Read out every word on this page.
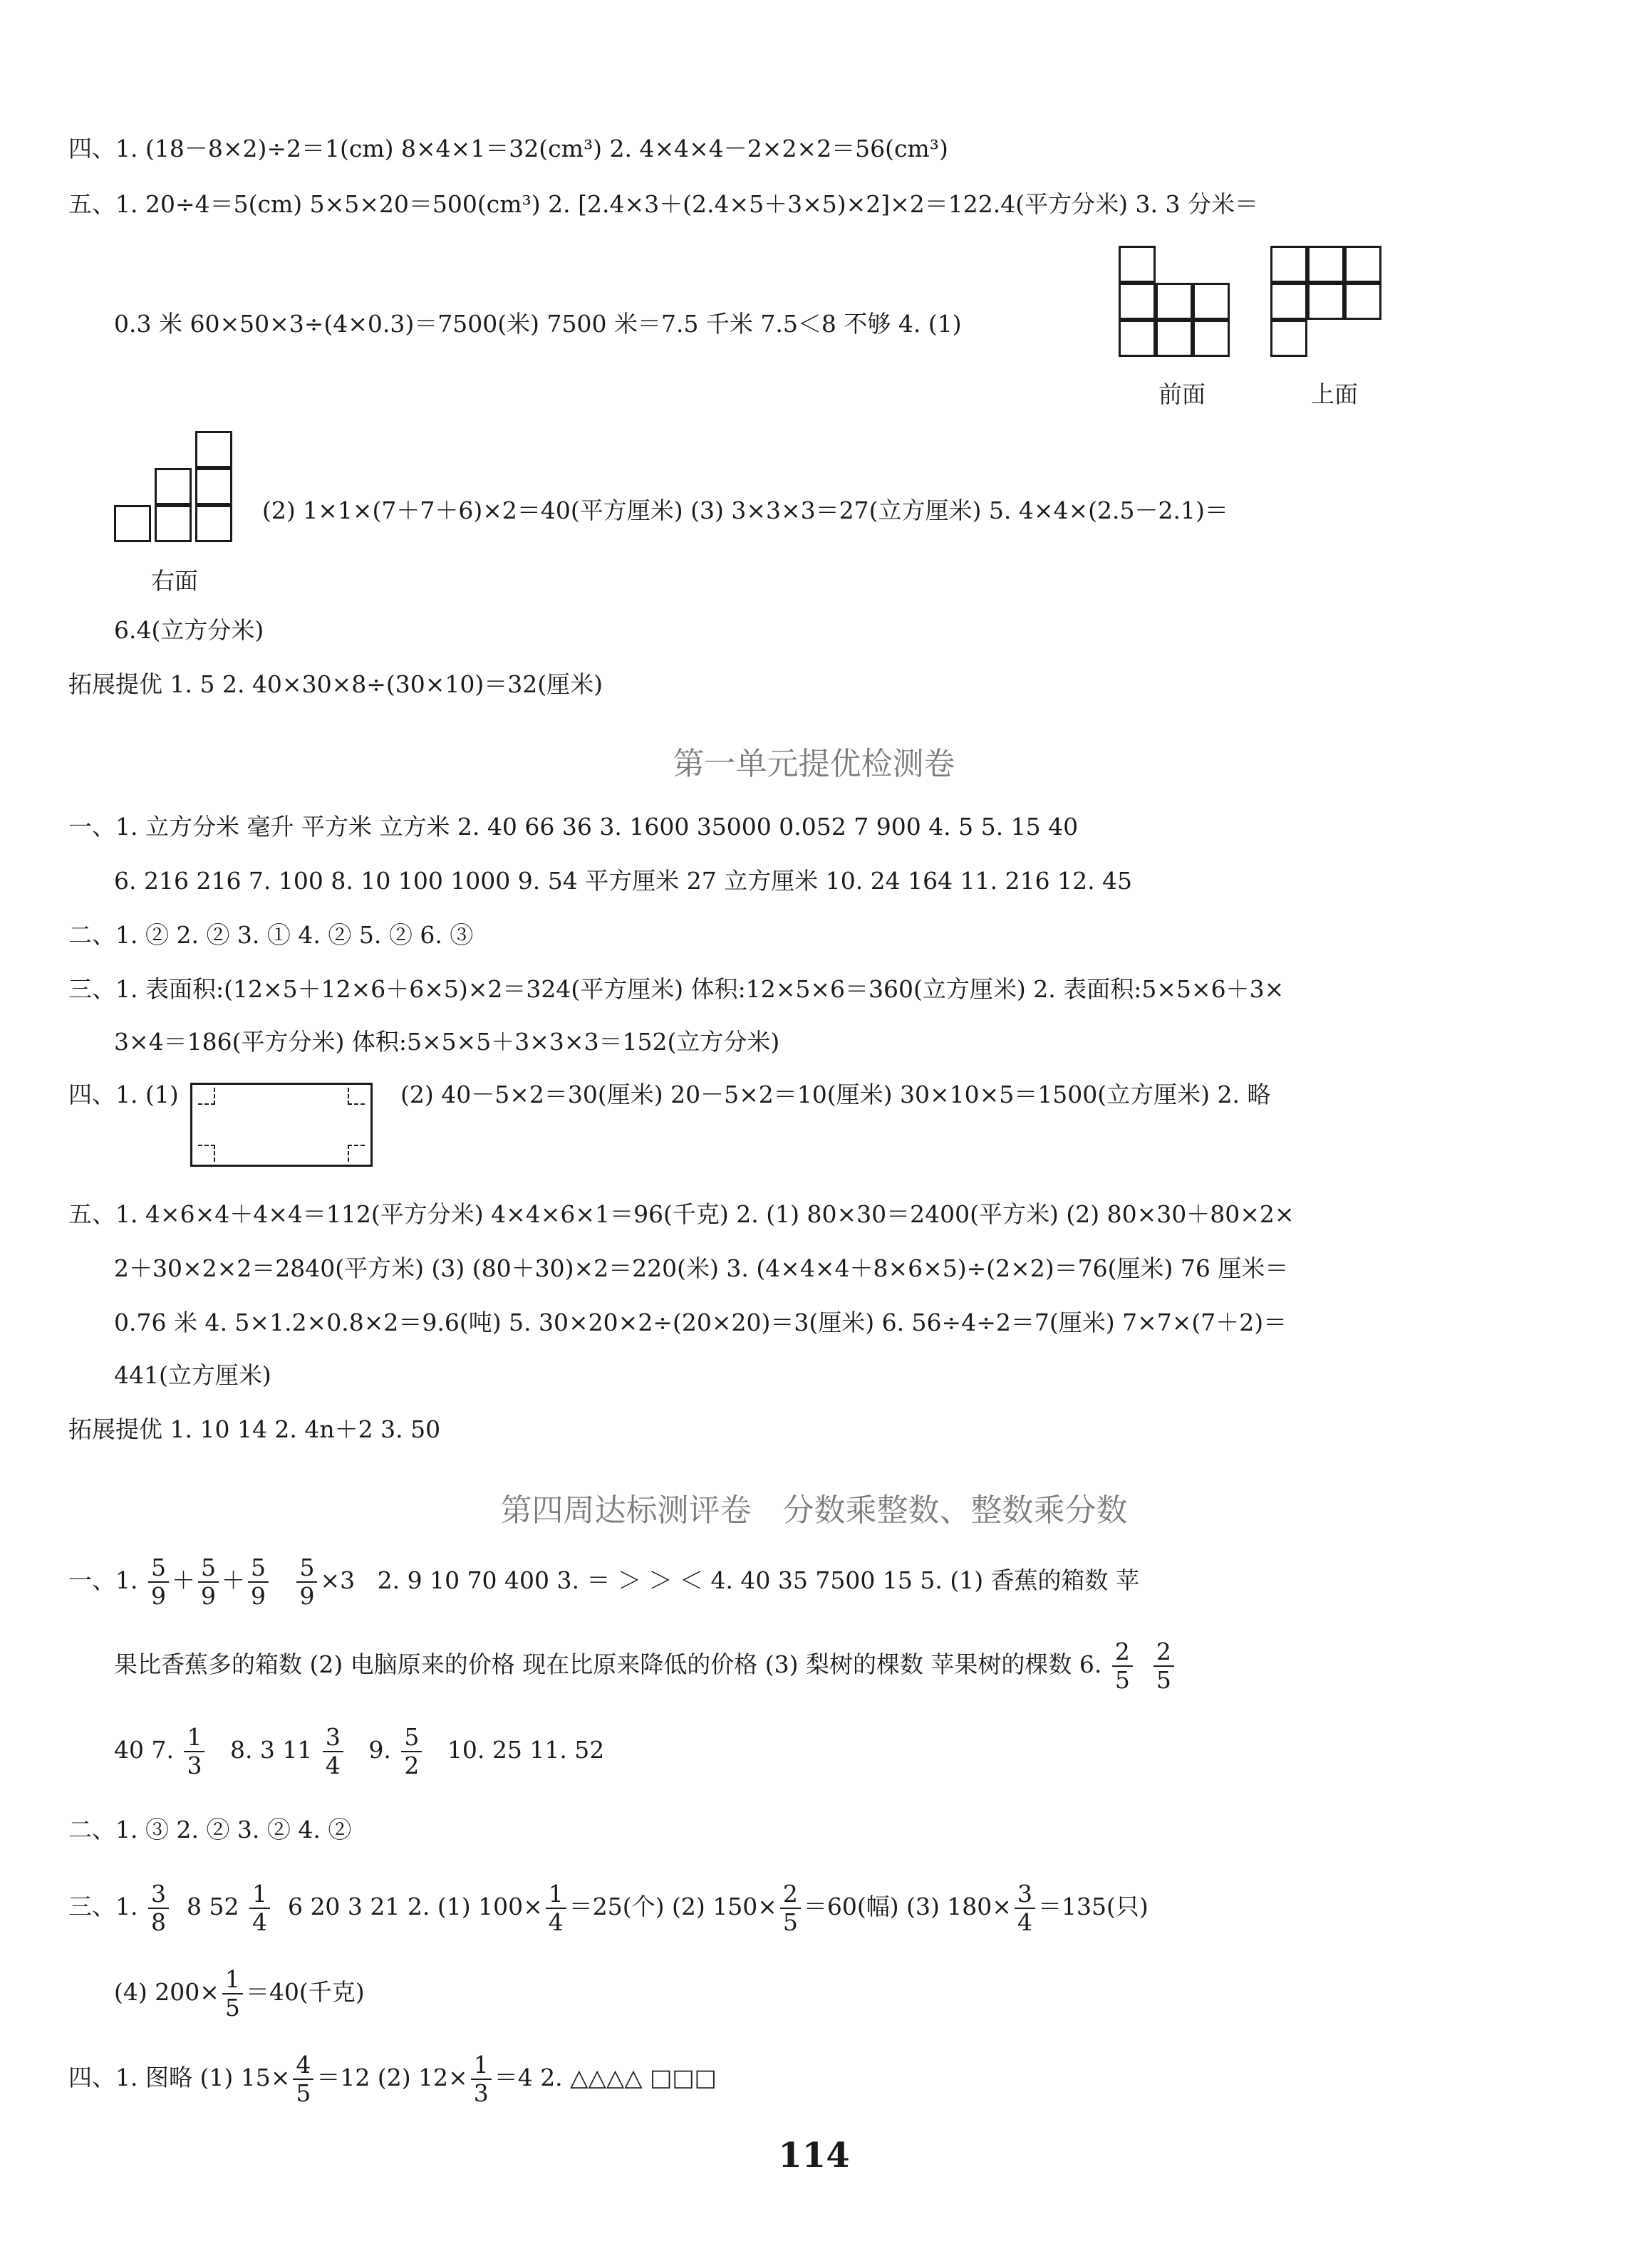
四、1. (18－8×2)÷2＝1(cm) 8×4×1＝32(cm³) 2. 4×4×4－2×2×2＝56(cm³)
五、1. 20÷4＝5(cm) 5×5×20＝500(cm³) 2. [2.4×3＋(2.4×5＋3×5)×2]×2＝122.4(平方分米) 3. 3 分米＝
0.3 米 60×50×3÷(4×0.3)＝7500(米) 7500 米＝7.5 千米 7.5＜8 不够 4. (1)
前面	上面
右面
(2) 1×1×(7＋7＋6)×2＝40(平方厘米) (3) 3×3×3＝27(立方厘米) 5. 4×4×(2.5－2.1)＝
6.4(立方分米)
拓展提优 1. 5 2. 40×30×8÷(30×10)＝32(厘米)
第一单元提优检测卷
一、1. 立方分米 毫升 平方米 立方米 2. 40 66 36 3. 1600 35000 0.052 7 900 4. 5 5. 15 40
6. 216 216 7. 100 8. 10 100 1000 9. 54 平方厘米 27 立方厘米 10. 24 164 11. 216 12. 45
二、1. ② 2. ② 3. ① 4. ② 5. ② 6. ③
三、1. 表面积:(12×5＋12×6＋6×5)×2＝324(平方厘米) 体积:12×5×6＝360(立方厘米) 2. 表面积:5×5×6＋3×
3×4＝186(平方分米) 体积:5×5×5＋3×3×3＝152(立方分米)
四、1. (1)	(2) 40－5×2＝30(厘米) 20－5×2＝10(厘米) 30×10×5＝1500(立方厘米) 2. 略
五、1. 4×6×4＋4×4＝112(平方分米) 4×4×6×1＝96(千克) 2. (1) 80×30＝2400(平方米) (2) 80×30＋80×2×
2＋30×2×2＝2840(平方米) (3) (80＋30)×2＝220(米) 3. (4×4×4＋8×6×5)÷(2×2)＝76(厘米) 76 厘米＝
0.76 米 4. 5×1.2×0.8×2＝9.6(吨) 5. 30×20×2÷(20×20)＝3(厘米) 6. 56÷4÷2＝7(厘米) 7×7×(7＋2)＝
441(立方厘米)
拓展提优 1. 10 14 2. 4n＋2 3. 50
第四周达标测评卷　分数乘整数、整数乘分数
一、1. $\frac{5}{9} + \frac{5}{9} + \frac{5}{9}$
$\frac{5}{9} \times 3$ 2. 9 10 70 400 3. ＝ ＞ ＞ ＜ 4. 40 35 7500 15 5. (1) 香蕉的箱数 苹
果比香蕉多的箱数 (2) 电脑原来的价格 现在比原来降低的价格 (3) 梨树的棵数 苹果树的棵数 6. $\frac{2}{5}$
$\frac{2}{5}$
40 7. $\frac{1}{3} 8$. 3 $11 \frac{3}{4} 9$. $\frac{5}{2} 10$. 25 11. 52
二、1. ③ 2. ② 3. ② 4. ②
三、1. $\frac{3}{8} 8$ $52 \frac{1}{4} 6$ 20 3 21 2. (1) $100\times \frac{1}{4} =25$(个) (2) $150\times \frac{2}{5} =60$(幅) (3) $180\times \frac{3}{4} =135$(只)
(4) $200\times \frac{1}{5} =40$(千克)
四、1. 图略 (1) $15\times \frac{4}{5} =12$ (2) $12\times \frac{1}{3} =4$ 2. △△△△ □□□
114
